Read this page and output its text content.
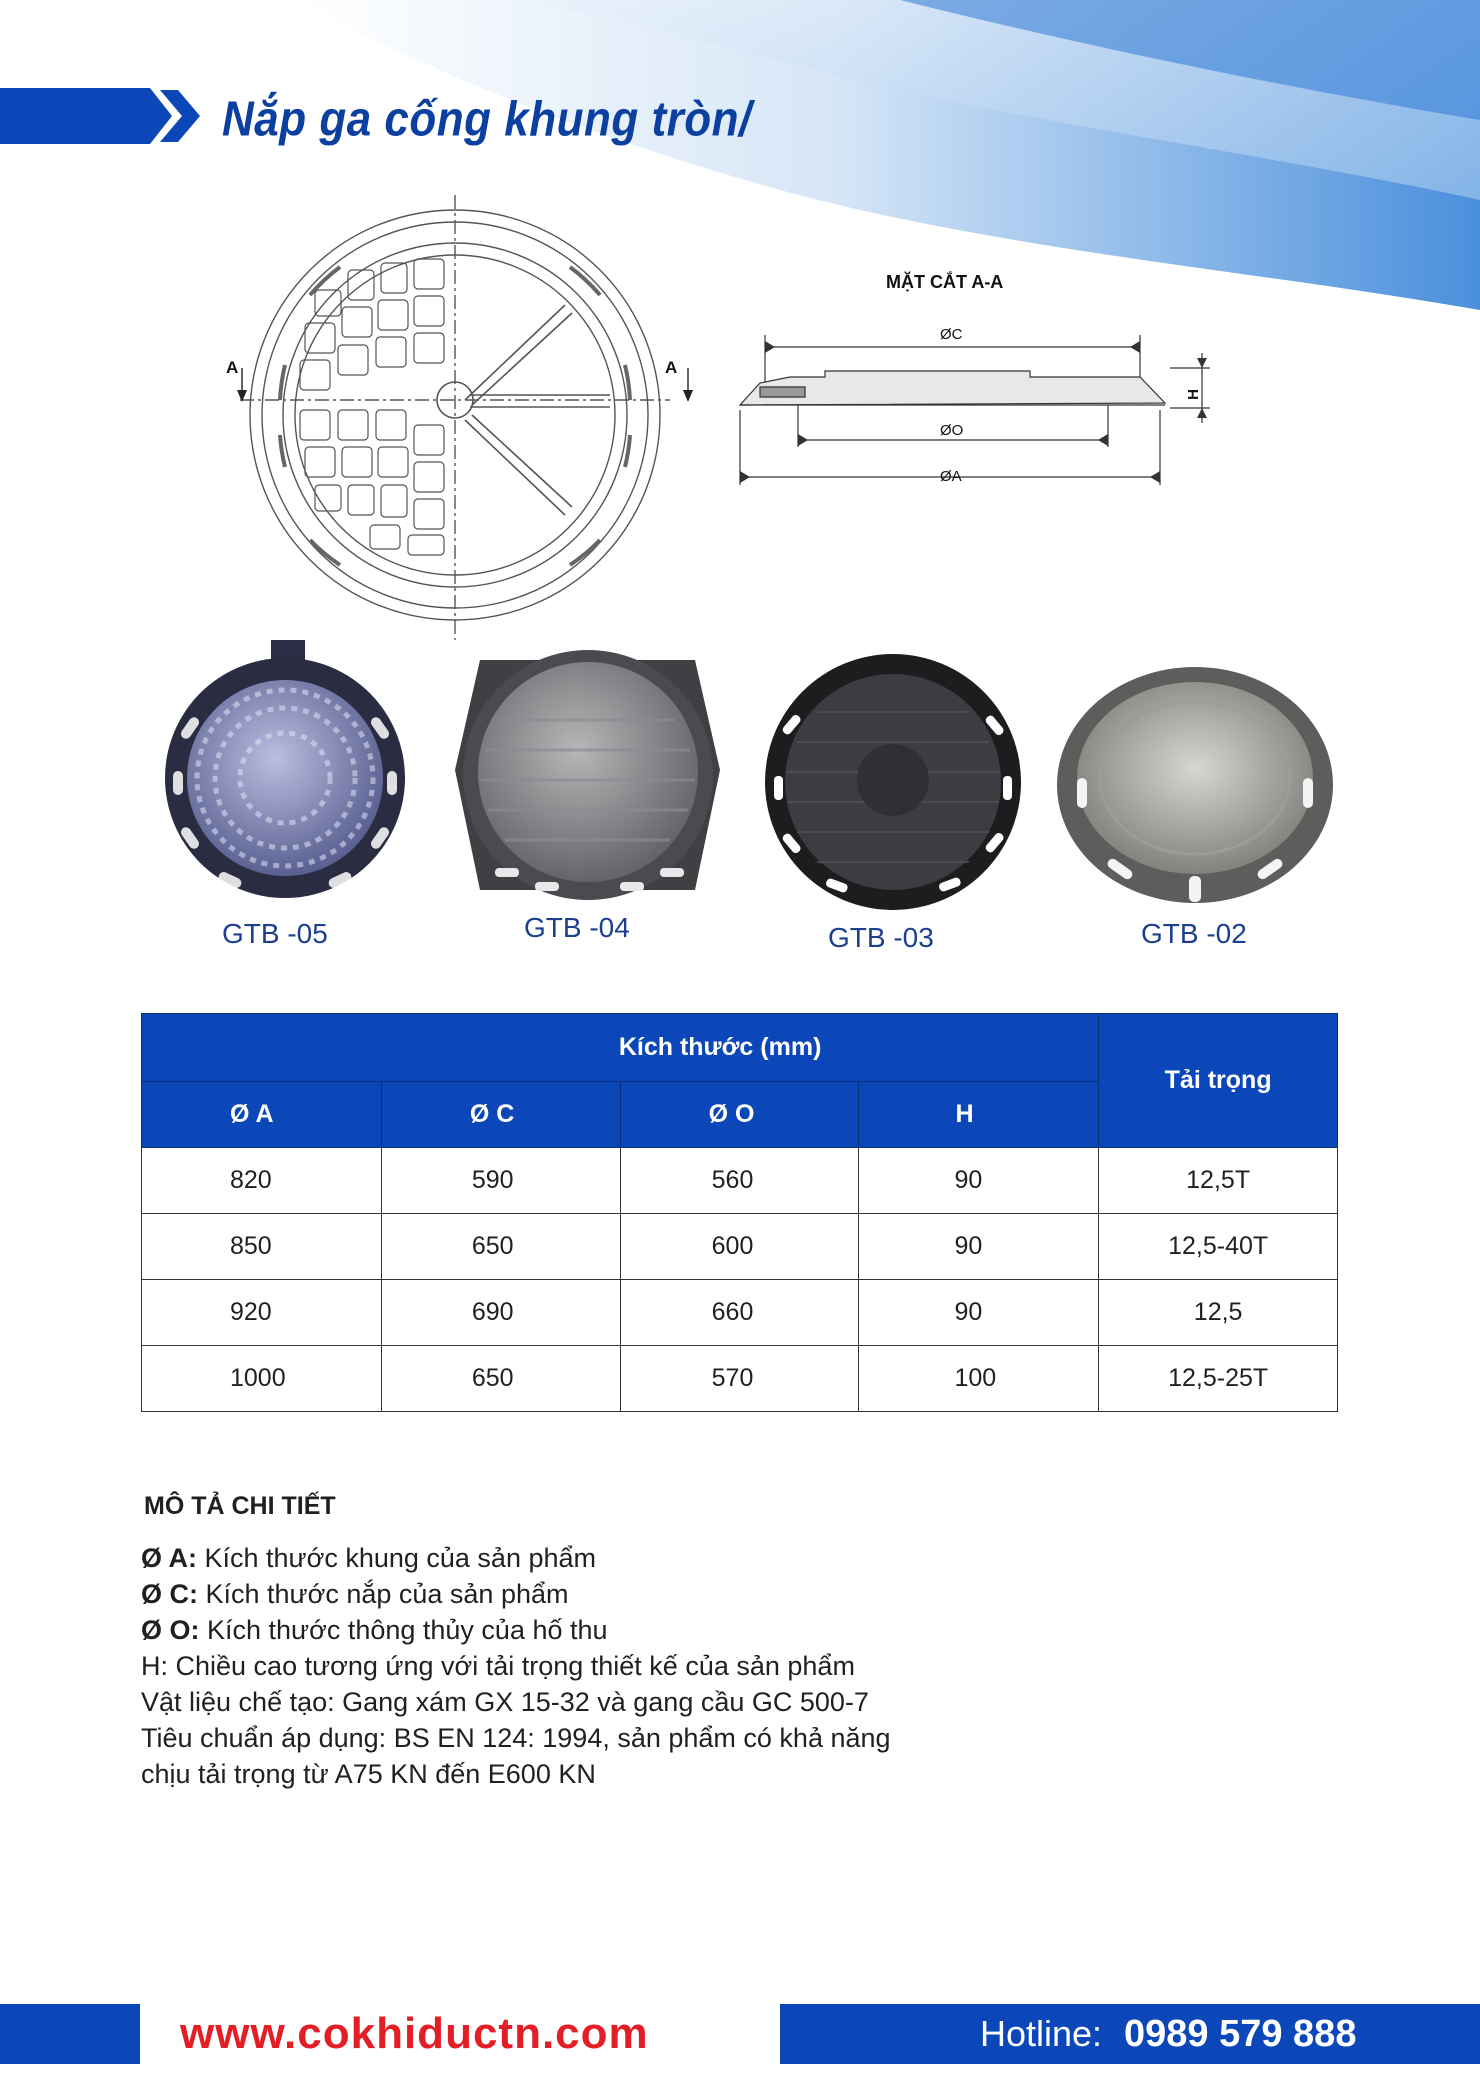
Nắp ga cống khung tròn/
A	A
MẶT CẮT A-A
ØC
ØO
ØA
H
GTB -05	GTB -04	GTB -03	GTB -02
Kích thước (mm)				Tải trọng
Ø A	Ø C	Ø O	H	
820	590	560	90	12,5T
850	650	600	90	12,5-40T
920	690	660	90	12,5
1000	650	570	100	12,5-25T
MÔ TẢ CHI TIẾT
Ø A: Kích thước khung của sản phẩm
Ø C: Kích thước nắp của sản phẩm
Ø O: Kích thước thông thủy của hố thu
H: Chiều cao tương ứng với tải trọng thiết kế của sản phẩm
Vật liệu chế tạo: Gang xám GX 15-32 và gang cầu GC 500-7
Tiêu chuẩn áp dụng: BS EN 124: 1994, sản phẩm có khả năng
chịu tải trọng từ A75 KN đến E600 KN
www.cokhiductn.com	Hotline: 0989 579 888
